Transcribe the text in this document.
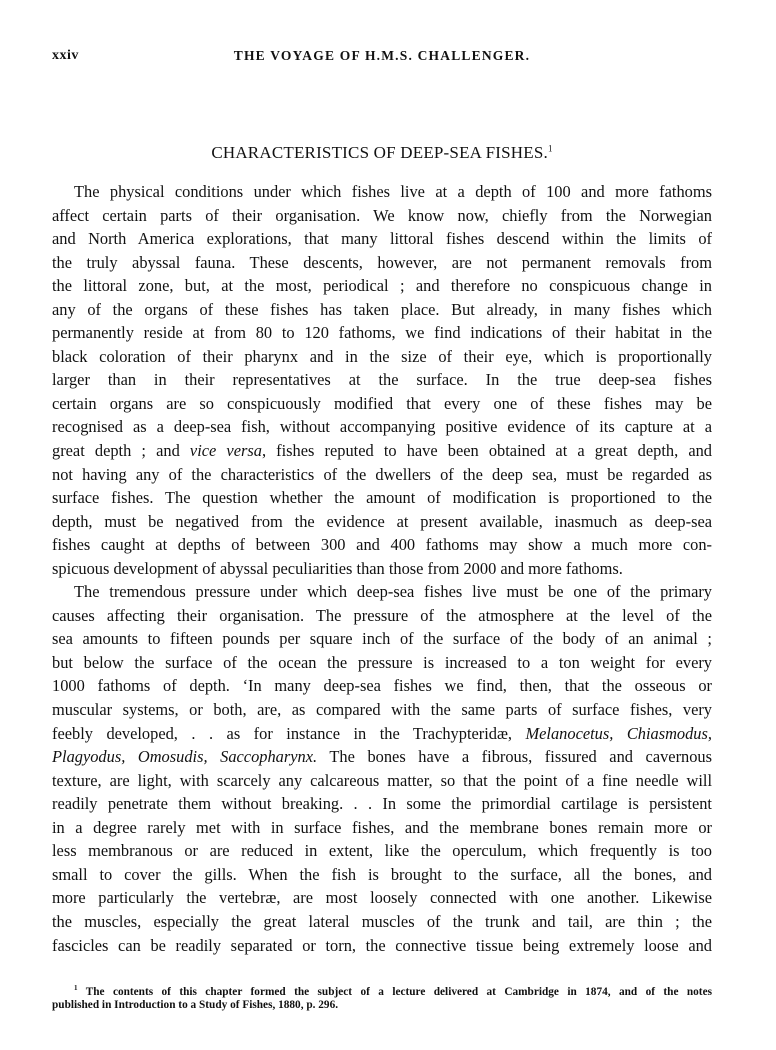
xxiv	THE VOYAGE OF H.M.S. CHALLENGER.
CHARACTERISTICS OF DEEP-SEA FISHES.$^1$
The physical conditions under which fishes live at a depth of 100 and more fathoms
affect certain parts of their organisation. We know now, chiefly from the Norwegian
and North America explorations, that many littoral fishes descend within the limits of
the truly abyssal fauna. These descents, however, are not permanent removals from
the littoral zone, but, at the most, periodical ; and therefore no conspicuous change in
any of the organs of these fishes has taken place. But already, in many fishes which
permanently reside at from 80 to 120 fathoms, we find indications of their habitat in the
black coloration of their pharynx and in the size of their eye, which is proportionally
larger than in their representatives at the surface. In the true deep-sea fishes
certain organs are so conspicuously modified that every one of these fishes may be
recognised as a deep-sea fish, without accompanying positive evidence of its capture at a
great depth ; and vice versa, fishes reputed to have been obtained at a great depth, and
not having any of the characteristics of the dwellers of the deep sea, must be regarded as
surface fishes. The question whether the amount of modification is proportioned to the
depth, must be negatived from the evidence at present available, inasmuch as deep-sea
fishes caught at depths of between 300 and 400 fathoms may show a much more con-
spicuous development of abyssal peculiarities than those from 2000 and more fathoms.
The tremendous pressure under which deep-sea fishes live must be one of the primary
causes affecting their organisation. The pressure of the atmosphere at the level of the
sea amounts to fifteen pounds per square inch of the surface of the body of an animal ;
but below the surface of the ocean the pressure is increased to a ton weight for every
1000 fathoms of depth. ‘In many deep-sea fishes we find, then, that the osseous or
muscular systems, or both, are, as compared with the same parts of surface fishes, very
feebly developed, . . as for instance in the Trachypteridæ, Melanocetus, Chiasmodus,
Plagyodus, Omosudis, Saccopharynx. The bones have a fibrous, fissured and cavernous
texture, are light, with scarcely any calcareous matter, so that the point of a fine needle will
readily penetrate them without breaking. . . In some the primordial cartilage is persistent
in a degree rarely met with in surface fishes, and the membrane bones remain more or
less membranous or are reduced in extent, like the operculum, which frequently is too
small to cover the gills. When the fish is brought to the surface, all the bones, and
more particularly the vertebræ, are most loosely connected with one another. Likewise
the muscles, especially the great lateral muscles of the trunk and tail, are thin ; the
fascicles can be readily separated or torn, the connective tissue being extremely loose and
$^1$ The contents of this chapter formed the subject of a lecture delivered at Cambridge in 1874, and of the notes
published in Introduction to a Study of Fishes, 1880, p. 296.
